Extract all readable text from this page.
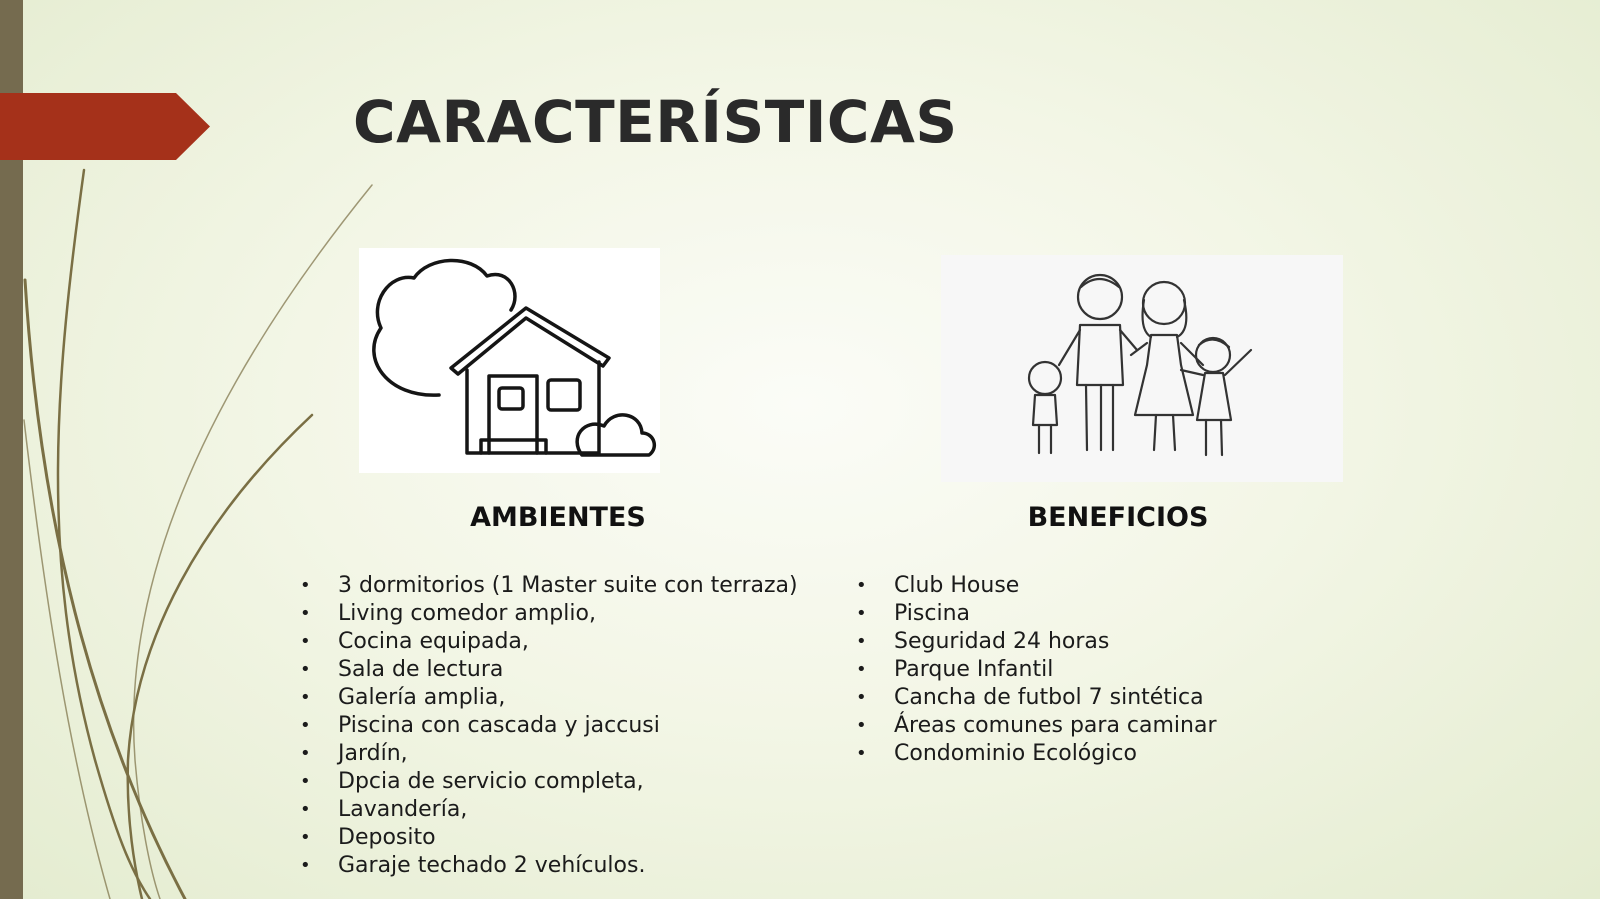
CARACTERÍSTICAS
AMBIENTES	BENEFICIOS
• 3 dormitorios (1 Master suite con terraza)
• Living comedor amplio,
• Cocina equipada,
• Sala de lectura
• Galería amplia,
• Piscina con cascada y jaccusi
• Jardín,
• Dpcia de servicio completa,
• Lavandería,
• Deposito
• Garaje techado 2 vehículos.
• Club House
• Piscina
• Seguridad 24 horas
• Parque Infantil
• Cancha de futbol 7 sintética
• Áreas comunes para caminar
• Condominio Ecológico
